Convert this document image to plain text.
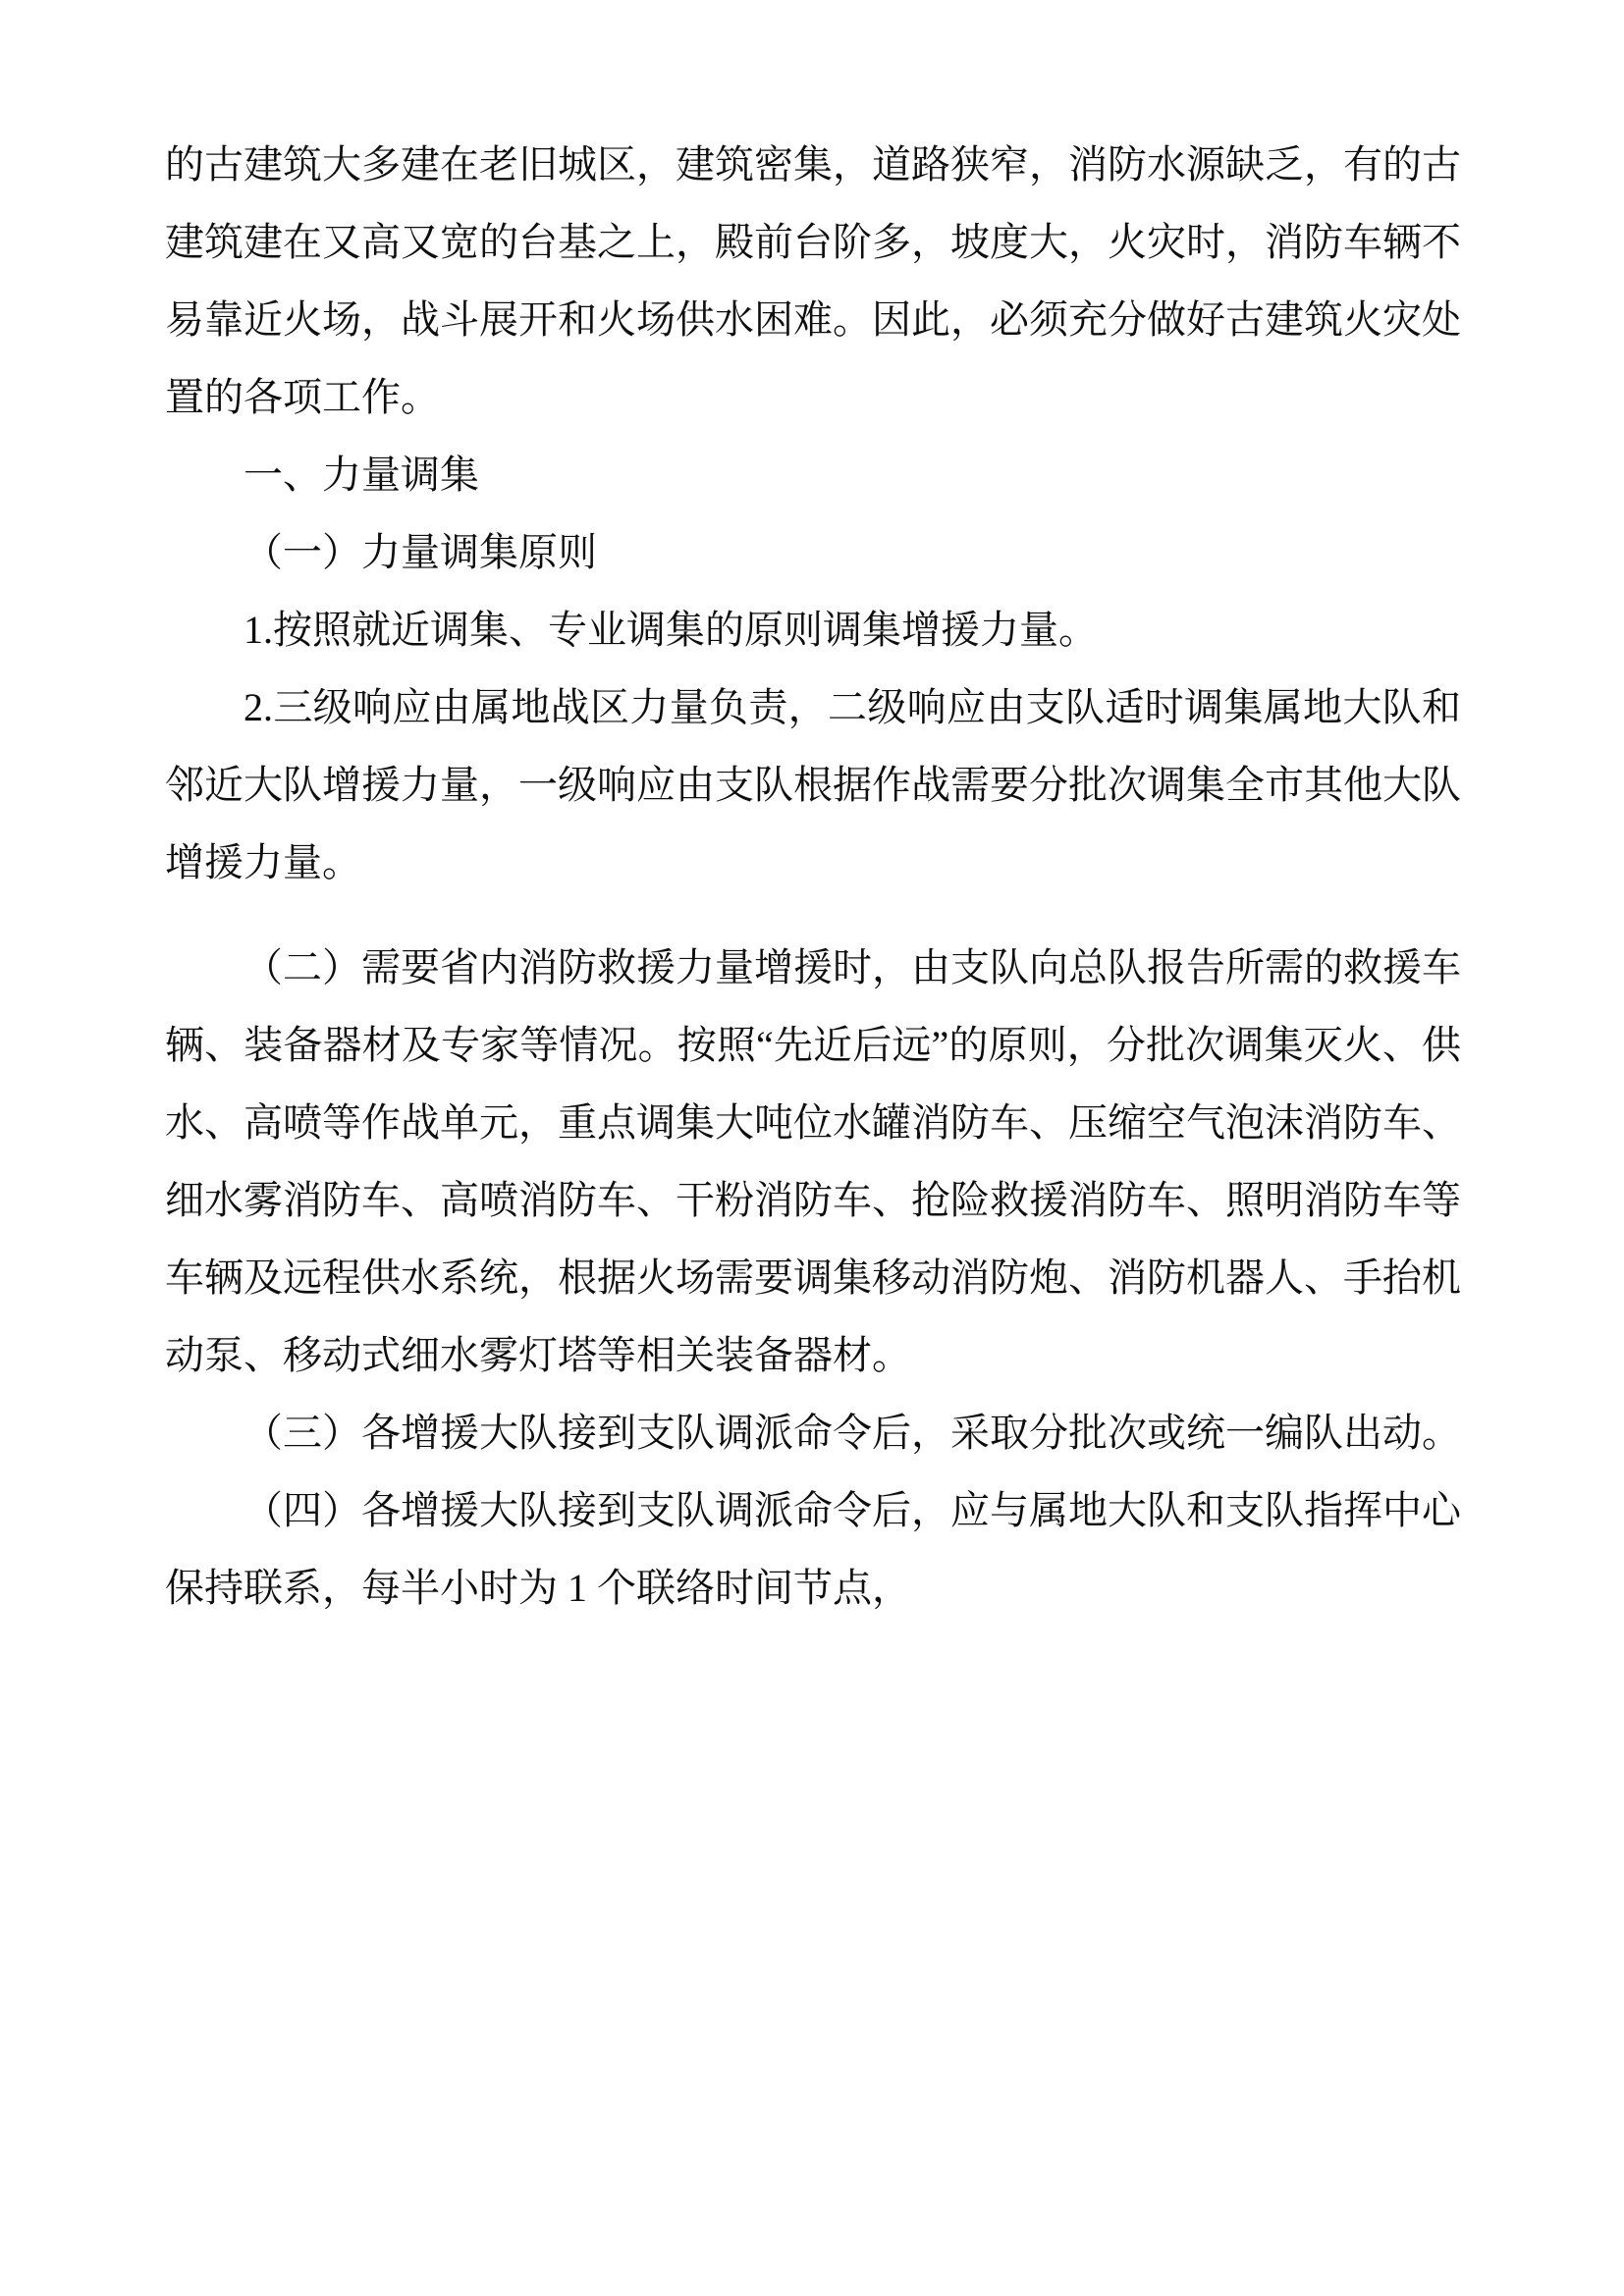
的古建筑大多建在老旧城区，建筑密集，道路狭窄，消防水源缺乏，有的古建筑建在又高又宽的台基之上，殿前台阶多，坡度大，火灾时，消防车辆不易靠近火场，战斗展开和火场供水困难。因此，必须充分做好古建筑火灾处置的各项工作。

一、力量调集

（一）力量调集原则

1.按照就近调集、专业调集的原则调集增援力量。

2.三级响应由属地战区力量负责，二级响应由支队适时调集属地大队和邻近大队增援力量，一级响应由支队根据作战需要分批次调集全市其他大队增援力量。

（二）需要省内消防救援力量增援时，由支队向总队报告所需的救援车辆、装备器材及专家等情况。按照“先近后远”的原则，分批次调集灭火、供水、高喷等作战单元，重点调集大吨位水罐消防车、压缩空气泡沫消防车、细水雾消防车、高喷消防车、干粉消防车、抢险救援消防车、照明消防车等车辆及远程供水系统，根据火场需要调集移动消防炮、消防机器人、手抬机动泵、移动式细水雾灯塔等相关装备器材。

（三）各增援大队接到支队调派命令后，采取分批次或统一编队出动。

（四）各增援大队接到支队调派命令后，应与属地大队和支队指挥中心保持联系，每半小时为 1 个联络时间节点，
